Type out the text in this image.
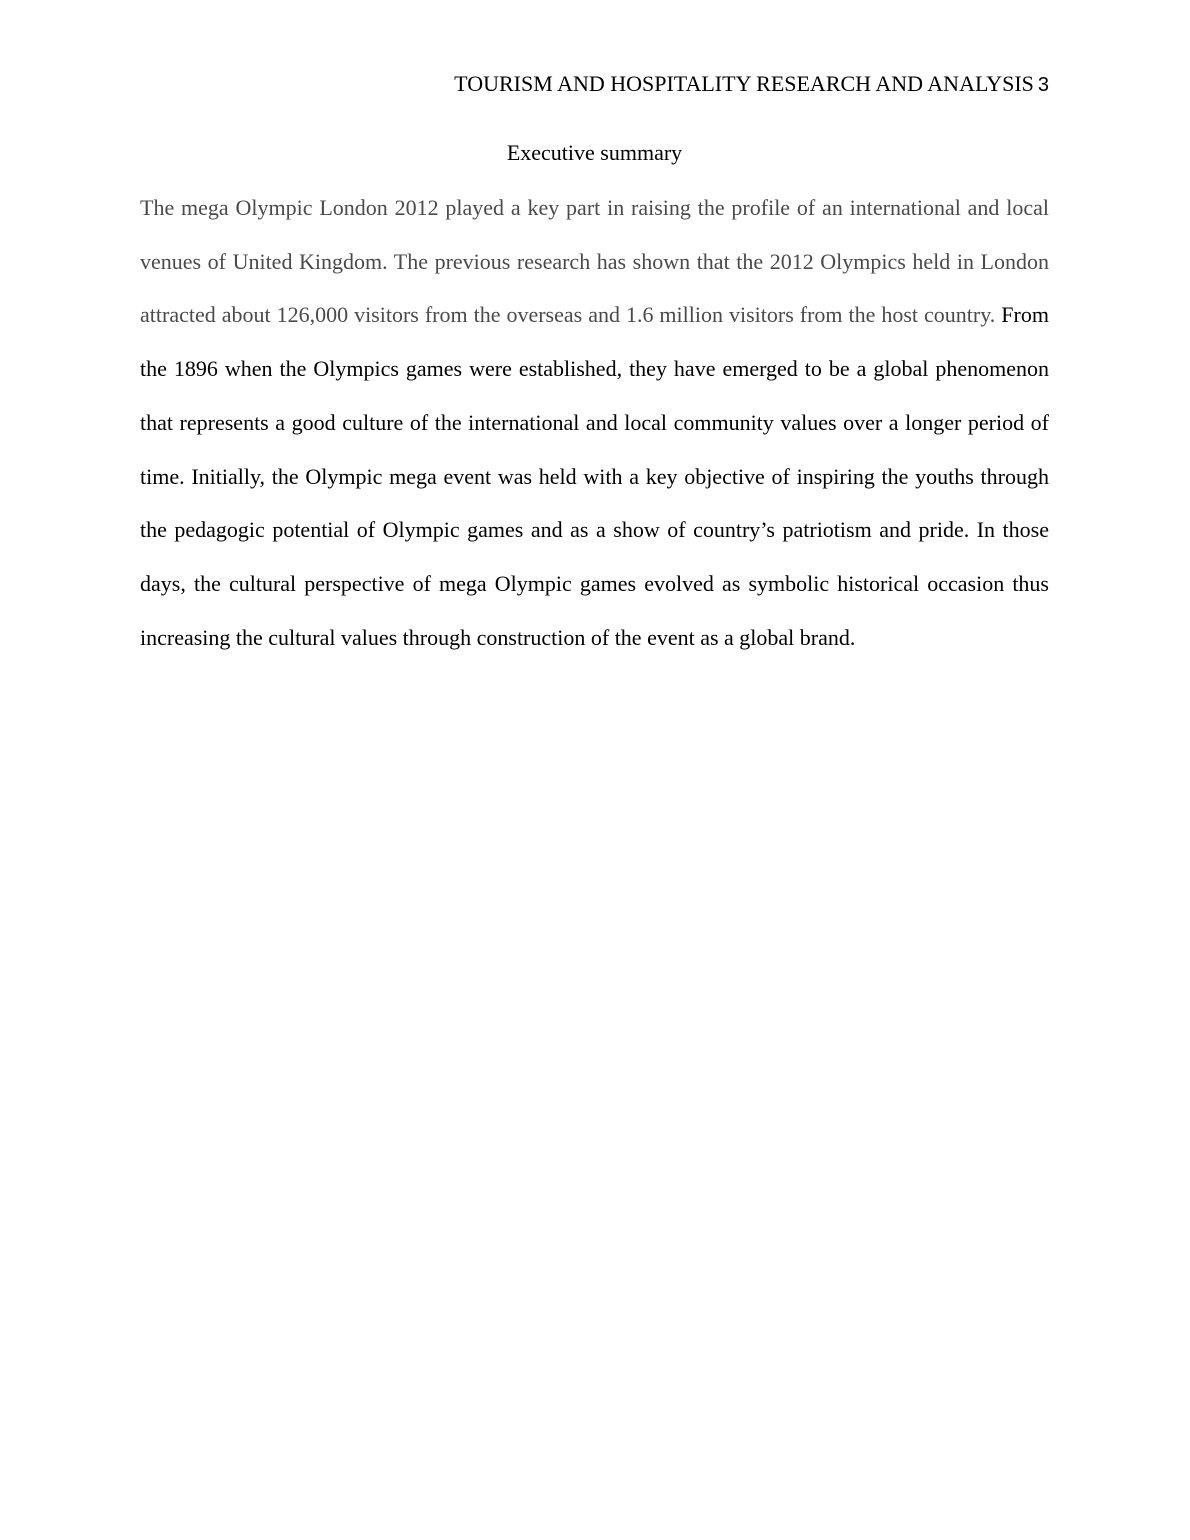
TOURISM AND HOSPITALITY RESEARCH AND ANALYSIS 3
Executive summary

The mega Olympic London 2012 played a key part in raising the profile of an international and local venues of United Kingdom. The previous research has shown that the 2012 Olympics held in London attracted about 126,000 visitors from the overseas and 1.6 million visitors from the host country. From the 1896 when the Olympics games were established, they have emerged to be a global phenomenon that represents a good culture of the international and local community values over a longer period of time. Initially, the Olympic mega event was held with a key objective of inspiring the youths through the pedagogic potential of Olympic games and as a show of country’s patriotism and pride. In those days, the cultural perspective of mega Olympic games evolved as symbolic historical occasion thus increasing the cultural values through construction of the event as a global brand.
